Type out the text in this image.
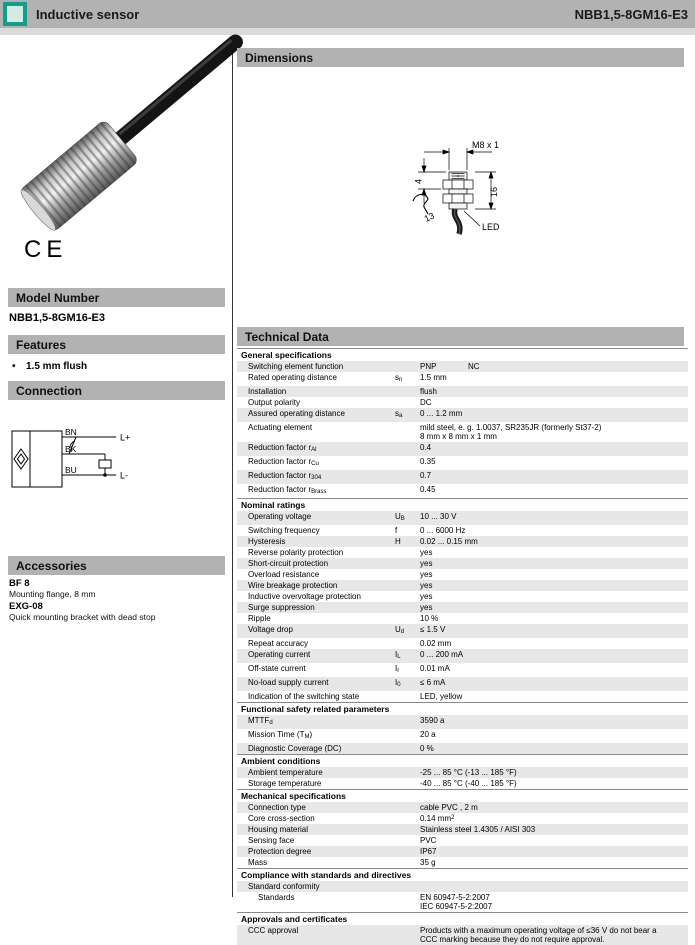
Inductive sensor	NBB1,5-8GM16-E3
CE
Model Number
NBB1,5-8GM16-E3
Features
• 1.5 mm flush
Connection
BN
BK
BU
L+
L-
Accessories
BF 8
Mounting flange, 8 mm
EXG-08
Quick mounting bracket with dead stop
Dimensions
M8 x 1
4
16
13
LED
Technical Data
General specifications
Switching element function	PNP	NC
Rated operating distance	$s_n$	1.5 mm
Installation	flush
Output polarity	DC
Assured operating distance	$s_a$	0 ... 1.2 mm
Actuating element	mild steel, e. g. 1.0037, SR235JR (formerly St37-2)
8 mm x 8 mm x 1 mm
Reduction factor $r_{Al}$	0.4
Reduction factor $r_{Cu}$	0.35
Reduction factor $r_{304}$	0.7
Reduction factor $r_{Brass}$	0.45
Nominal ratings
Operating voltage	$U_B$	10 ... 30 V
Switching frequency	f	0 ... 6000 Hz
Hysteresis	H	0.02 ... 0.15 mm
Reverse polarity protection	yes
Short-circuit protection	yes
Overload resistance	yes
Wire breakage protection	yes
Inductive overvoltage protection	yes
Surge suppression	yes
Ripple	10 %
Voltage drop	$U_d$	≤ 1.5 V
Repeat accuracy	0.02 mm
Operating current	$I_L$	0 ... 200 mA
Off-state current	$I_r$	0.01 mA
No-load supply current	$I_0$	≤ 6 mA
Indication of the switching state	LED, yellow
Functional safety related parameters
$MTTF_d$	3590 a
Mission Time $(T_M)$	20 a
Diagnostic Coverage (DC)	0 %
Ambient conditions
Ambient temperature	-25 ... 85 °C (-13 ... 185 °F)
Storage temperature	-40 ... 85 °C (-40 ... 185 °F)
Mechanical specifications
Connection type	cable PVC , 2 m
Core cross-section	0.14 $mm^2$
Housing material	Stainless steel 1.4305 / AISI 303
Sensing face	PVC
Protection degree	IP67
Mass	35 g
Compliance with standards and directives
Standard conformity
Standards	EN 60947-5-2:2007
IEC 60947-5-2:2007
Approvals and certificates
CCC approval	Products with a maximum operating voltage of ≤36 V do not bear a
CCC marking because they do not require approval.
